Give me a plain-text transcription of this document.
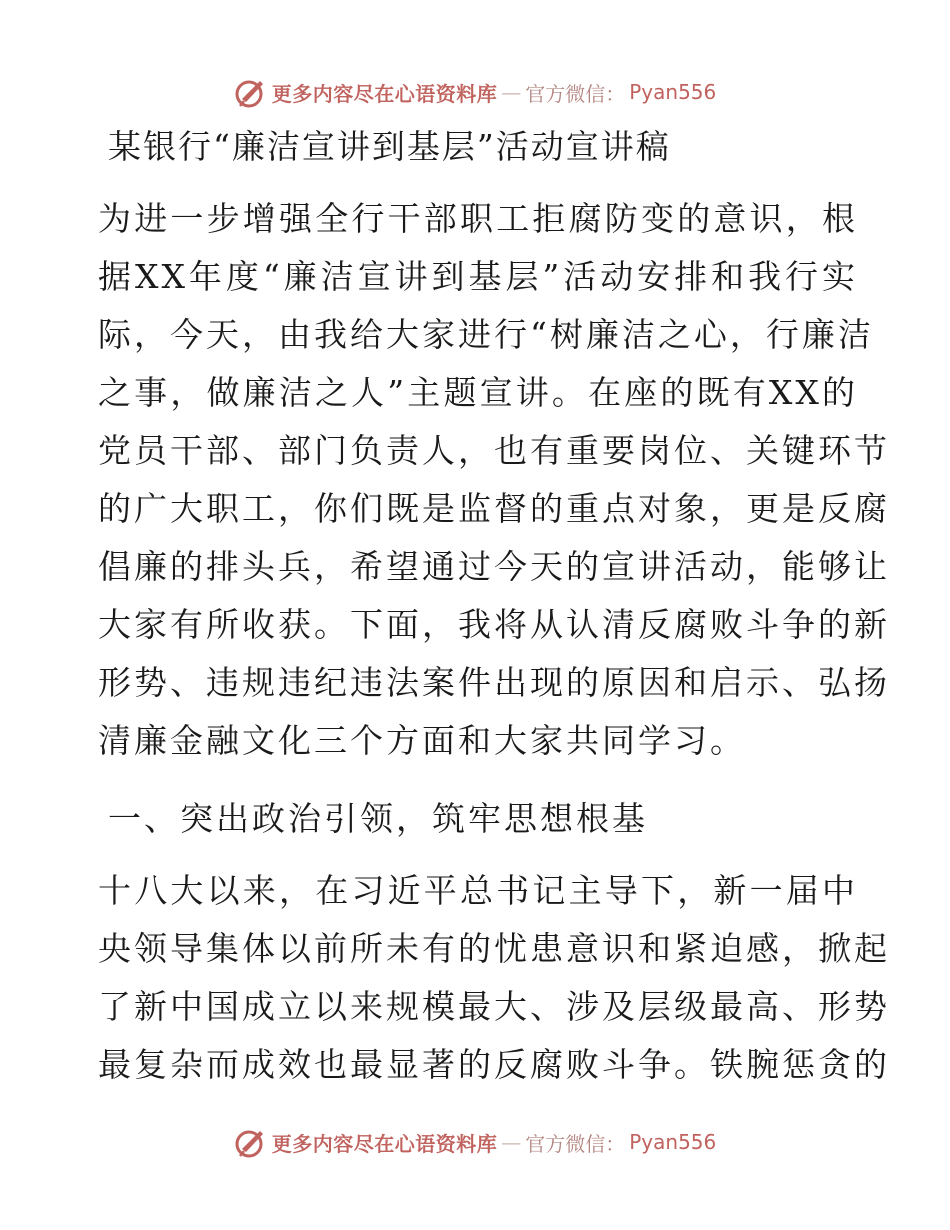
更多内容尽在心语资料库 — 官方微信： Pyan556
某银行“廉洁宣讲到基层”活动宣讲稿
为进一步增强全行干部职工拒腐防变的意识，根
据XX年度“廉洁宣讲到基层”活动安排和我行实
际，今天，由我给大家进行“树廉洁之心，行廉洁
之事，做廉洁之人”主题宣讲。在座的既有XX的
党员干部、部门负责人，也有重要岗位、关键环节
的广大职工，你们既是监督的重点对象，更是反腐
倡廉的排头兵，希望通过今天的宣讲活动，能够让
大家有所收获。下面，我将从认清反腐败斗争的新
形势、违规违纪违法案件出现的原因和启示、弘扬
清廉金融文化三个方面和大家共同学习。
一、突出政治引领，筑牢思想根基
十八大以来，在习近平总书记主导下，新一届中
央领导集体以前所未有的忧患意识和紧迫感，掀起
了新中国成立以来规模最大、涉及层级最高、形势
最复杂而成效也最显著的反腐败斗争。铁腕惩贪的
更多内容尽在心语资料库 — 官方微信： Pyan556
